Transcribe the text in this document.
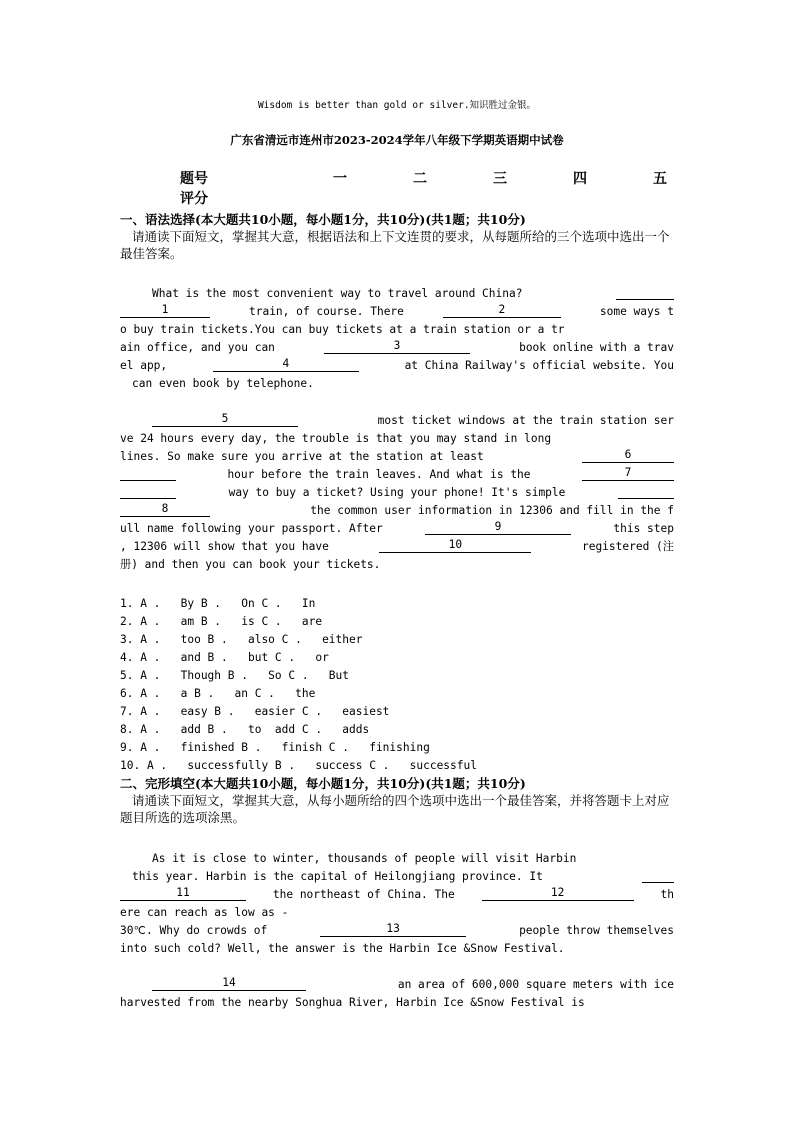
Wisdom is better than gold or silver.知识胜过金银。
广东省清远市连州市2023-2024学年八年级下学期英语期中试卷
题号	一	二	三	四	五
评分
一、语法选择(本大题共10小题，每小题1分，共10分)(共1题；共10分)
请通读下面短文，掌握其大意，根据语法和上下文连贯的要求，从每题所给的三个选项中选出一个最佳答案。
What is the most convenient way to travel around China?
1	train, of course. There	2	some ways t
o buy train tickets.You can buy tickets at a train station or a tr
ain office, and you can	3	book online with a trav
el app,	4	at China Railway's official website. You
can even book by telephone.
5	most ticket windows at the train station ser
ve 24 hours every day, the trouble is that you may stand in long
lines. So make sure you arrive at the station at least	6
hour before the train leaves. And what is the	7
way to buy a ticket? Using your phone! It's simple
8	the common user information in 12306 and fill in the f
ull name following your passport. After	9	this step
, 12306 will show that you have	10	registered (注
册) and then you can book your tickets.
1. A .   By B .   On C .   In
2. A .   am B .   is C .   are
3. A .   too B .   also C .   either
4. A .   and B .   but C .   or
5. A .   Though B .   So C .   But
6. A .   a B .   an C .   the
7. A .   easy B .   easier C .   easiest
8. A .   add B .   to  add C .   adds
9. A .   finished B .   finish C .   finishing
10. A .   successfully B .   success C .   successful
二、完形填空(本大题共10小题，每小题1分，共10分)(共1题；共10分)
请通读下面短文，掌握其大意，从每小题所给的四个选项中选出一个最佳答案，并将答题卡上对应题目所选的选项涂黑。
As it is close to winter, thousands of people will visit Harbin
this year. Harbin is the capital of Heilongjiang province. It
11	the northeast of China. The	12	th
ere can reach as low as -
30℃. Why do crowds of	13	people throw themselves
into such cold? Well, the answer is the Harbin Ice &Snow Festival.
14	an area of 600,000 square meters with ice
harvested from the nearby Songhua River, Harbin Ice &Snow Festival is
